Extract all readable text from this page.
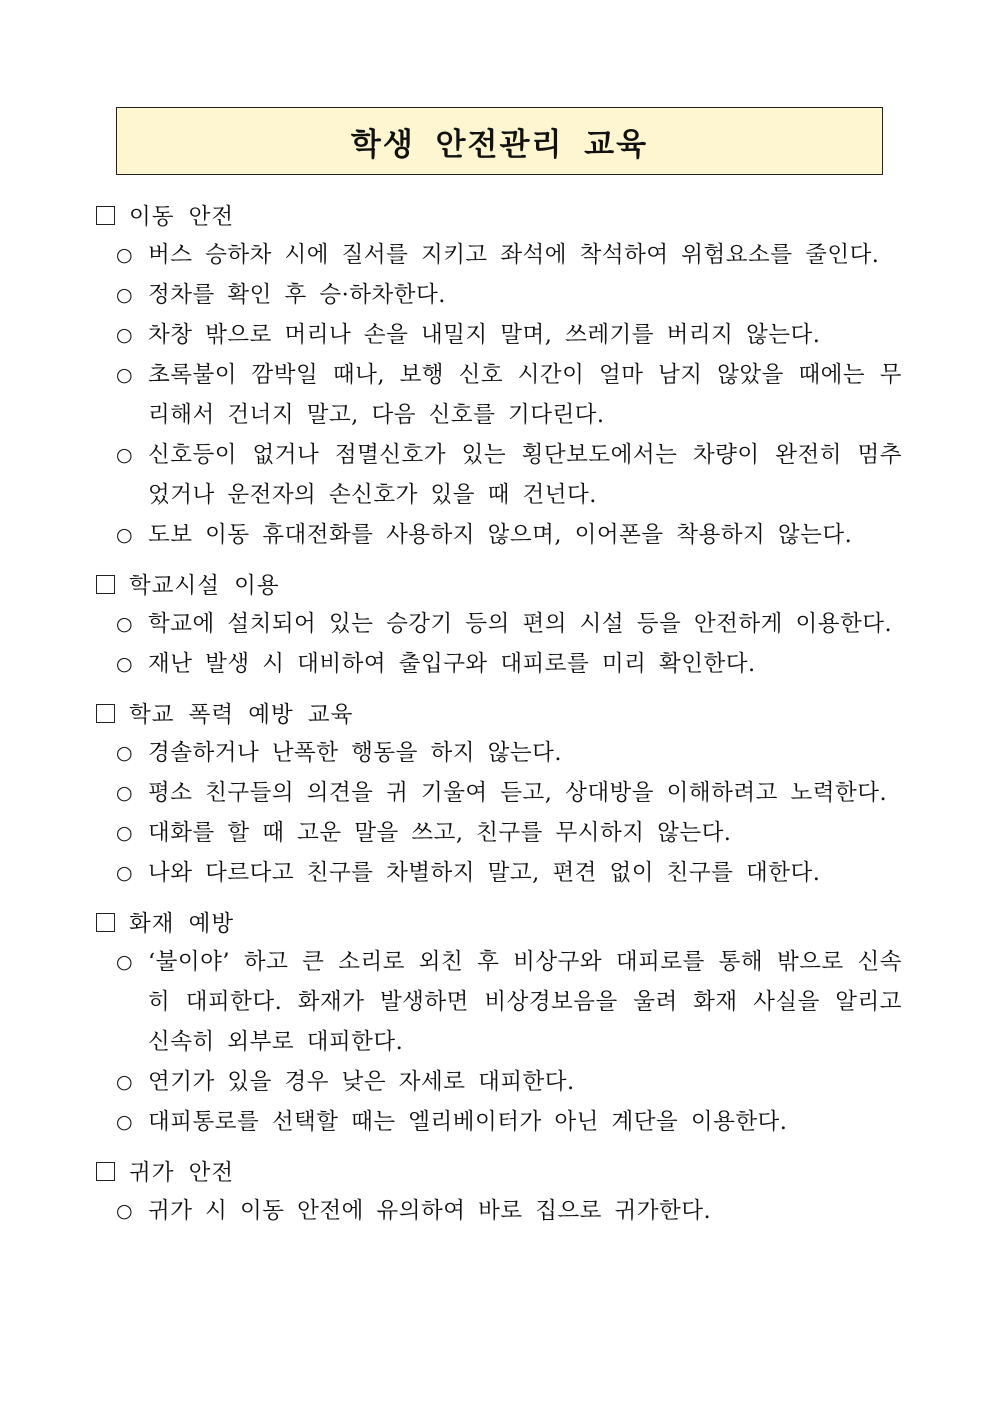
학생 안전관리 교육
이동 안전
○ 버스 승하차 시에 질서를 지키고 좌석에 착석하여 위험요소를 줄인다.
○ 정차를 확인 후 승·하차한다.
○ 차창 밖으로 머리나 손을 내밀지 말며, 쓰레기를 버리지 않는다.
○ 초록불이 깜박일 때나, 보행 신호 시간이 얼마 남지 않았을 때에는 무리해서 건너지 말고, 다음 신호를 기다린다.
○ 신호등이 없거나 점멸신호가 있는 횡단보도에서는 차량이 완전히 멈추었거나 운전자의 손신호가 있을 때 건넌다.
○ 도보 이동 휴대전화를 사용하지 않으며, 이어폰을 착용하지 않는다.
학교시설 이용
○ 학교에 설치되어 있는 승강기 등의 편의 시설 등을 안전하게 이용한다.
○ 재난 발생 시 대비하여 출입구와 대피로를 미리 확인한다.
학교 폭력 예방 교육
○ 경솔하거나 난폭한 행동을 하지 않는다.
○ 평소 친구들의 의견을 귀 기울여 듣고, 상대방을 이해하려고 노력한다.
○ 대화를 할 때 고운 말을 쓰고, 친구를 무시하지 않는다.
○ 나와 다르다고 친구를 차별하지 말고, 편견 없이 친구를 대한다.
화재 예방
○ ‘불이야’ 하고 큰 소리로 외친 후 비상구와 대피로를 통해 밖으로 신속히 대피한다. 화재가 발생하면 비상경보음을 울려 화재 사실을 알리고 신속히 외부로 대피한다.
○ 연기가 있을 경우 낮은 자세로 대피한다.
○ 대피통로를 선택할 때는 엘리베이터가 아닌 계단을 이용한다.
귀가 안전
○ 귀가 시 이동 안전에 유의하여 바로 집으로 귀가한다.
